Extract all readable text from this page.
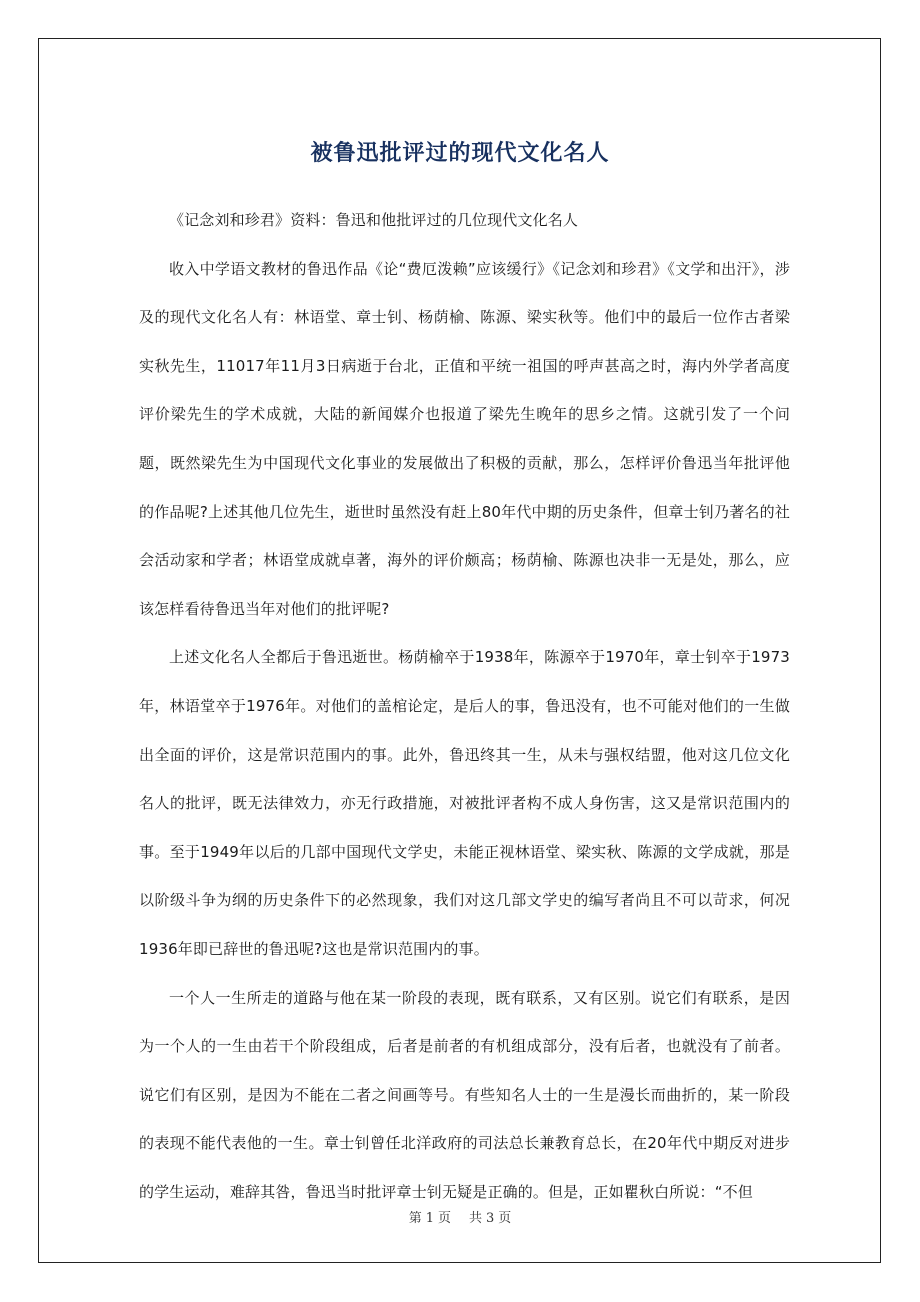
被鲁迅批评过的现代文化名人

《记念刘和珍君》资料：鲁迅和他批评过的几位现代文化名人

收入中学语文教材的鲁迅作品《论“费厄泼赖”应该缓行》《记念刘和珍君》《文学和出汗》，涉及的现代文化名人有：林语堂、章士钊、杨荫榆、陈源、梁实秋等。他们中的最后一位作古者梁实秋先生，11017年11月3日病逝于台北，正值和平统一祖国的呼声甚高之时，海内外学者高度评价梁先生的学术成就，大陆的新闻媒介也报道了梁先生晚年的思乡之情。这就引发了一个问题，既然梁先生为中国现代文化事业的发展做出了积极的贡献，那么，怎样评价鲁迅当年批评他的作品呢?上述其他几位先生，逝世时虽然没有赶上80年代中期的历史条件，但章士钊乃著名的社会活动家和学者；林语堂成就卓著，海外的评价颇高；杨荫榆、陈源也决非一无是处，那么，应该怎样看待鲁迅当年对他们的批评呢?

上述文化名人全都后于鲁迅逝世。杨荫榆卒于1938年，陈源卒于1970年，章士钊卒于1973年，林语堂卒于1976年。对他们的盖棺论定，是后人的事，鲁迅没有，也不可能对他们的一生做出全面的评价，这是常识范围内的事。此外，鲁迅终其一生，从未与强权结盟，他对这几位文化名人的批评，既无法律效力，亦无行政措施，对被批评者构不成人身伤害，这又是常识范围内的事。至于1949年以后的几部中国现代文学史，未能正视林语堂、梁实秋、陈源的文学成就，那是以阶级斗争为纲的历史条件下的必然现象，我们对这几部文学史的编写者尚且不可以苛求，何况1936年即已辞世的鲁迅呢?这也是常识范围内的事。

一个人一生所走的道路与他在某一阶段的表现，既有联系，又有区别。说它们有联系，是因为一个人的一生由若干个阶段组成，后者是前者的有机组成部分，没有后者，也就没有了前者。说它们有区别，是因为不能在二者之间画等号。有些知名人士的一生是漫长而曲折的，某一阶段的表现不能代表他的一生。章士钊曾任北洋政府的司法总长兼教育总长，在20年代中期反对进步的学生运动，难辞其咎，鲁迅当时批评章士钊无疑是正确的。但是，正如瞿秋白所说：“不但

第 1 页 共 3 页
